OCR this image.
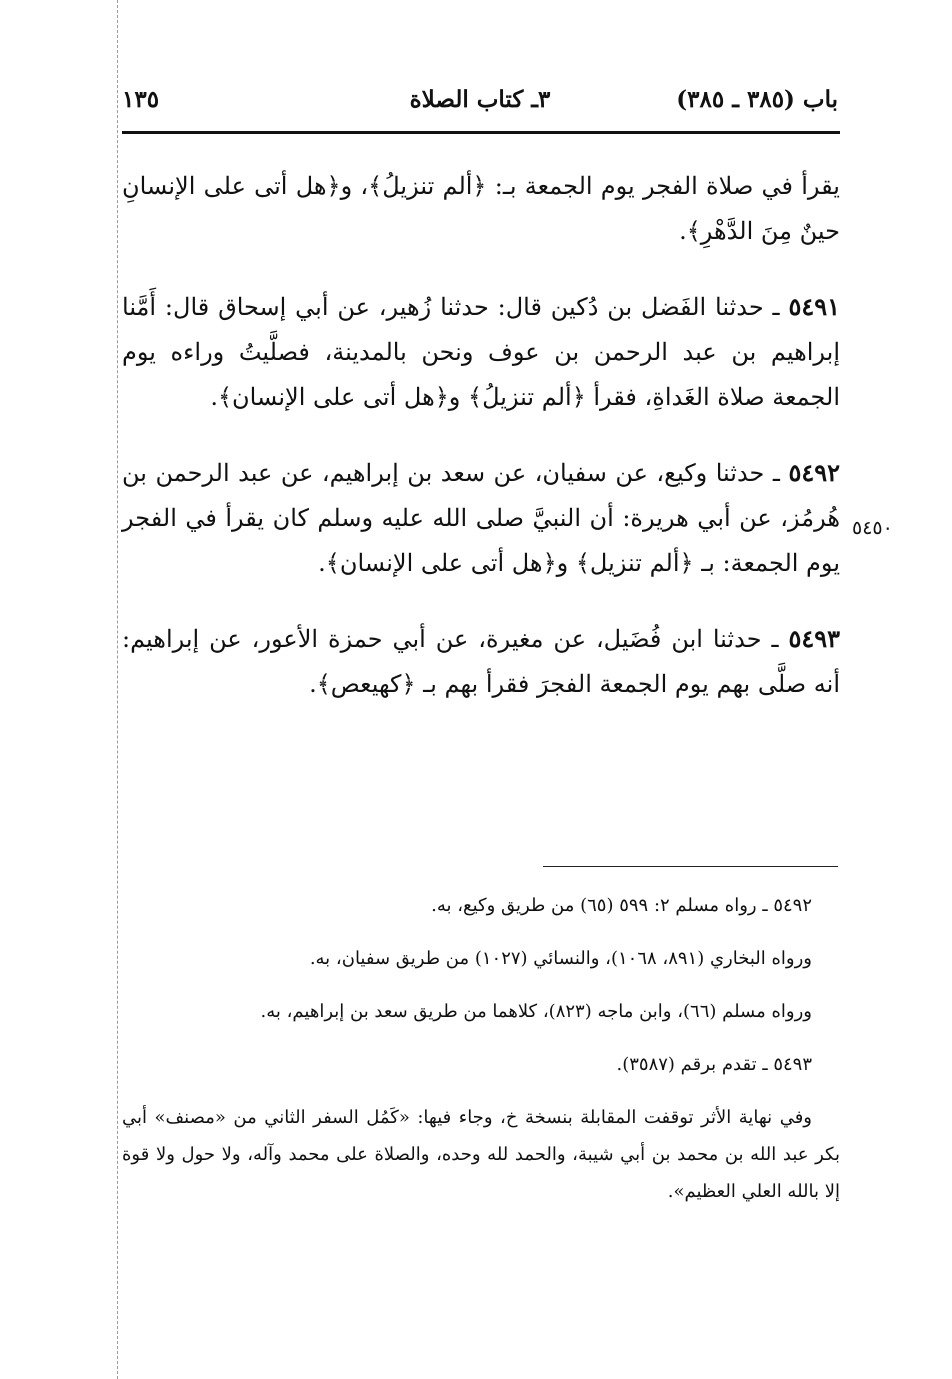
باب (٣٨٥ ـ ٣٨٥)
٣ـ كتاب الصلاة
١٣٥
٥٤٥٠

يقرأ في صلاة الفجر يوم الجمعة بـ: ﴿ألم تنزيلُ﴾، و﴿هل أتى على الإنسانِ حينٌ مِنَ الدَّهْرِ﴾.

٥٤٩١ ـ حدثنا الفَضل بن دُكين قال: حدثنا زُهير، عن أبي إسحاق قال: أَمَّنا إبراهيم بن عبد الرحمن بن عوف ونحن بالمدينة، فصلَّيتُ وراءه يوم الجمعة صلاة الغَداةِ، فقرأ ﴿ألم تنزيلُ﴾ و﴿هل أتى على الإنسان﴾.

٥٤٩٢ ـ حدثنا وكيع، عن سفيان، عن سعد بن إبراهيم، عن عبد الرحمن بن هُرمُز، عن أبي هريرة: أن النبيَّ صلى الله عليه وسلم كان يقرأ في الفجر يوم الجمعة: بـ ﴿ألم تنزيل﴾ و﴿هل أتى على الإنسان﴾.

٥٤٩٣ ـ حدثنا ابن فُضَيل، عن مغيرة، عن أبي حمزة الأعور، عن إبراهيم: أنه صلَّى بهم يوم الجمعة الفجرَ فقرأ بهم بـ ﴿كهيعص﴾.

٥٤٩٢ ـ رواه مسلم ٢: ٥٩٩ (٦٥) من طريق وكيع، به.

ورواه البخاري (٨٩١، ١٠٦٨)، والنسائي (١٠٢٧) من طريق سفيان، به.

ورواه مسلم (٦٦)، وابن ماجه (٨٢٣)، كلاهما من طريق سعد بن إبراهيم، به.

٥٤٩٣ ـ تقدم برقم (٣٥٨٧).

وفي نهاية الأثر توقفت المقابلة بنسخة خ، وجاء فيها: «كَمُل السفر الثاني من «مصنف» أبي بكر عبد الله بن محمد بن أبي شيبة، والحمد لله وحده، والصلاة على محمد وآله، ولا حول ولا قوة إلا بالله العلي العظيم».
